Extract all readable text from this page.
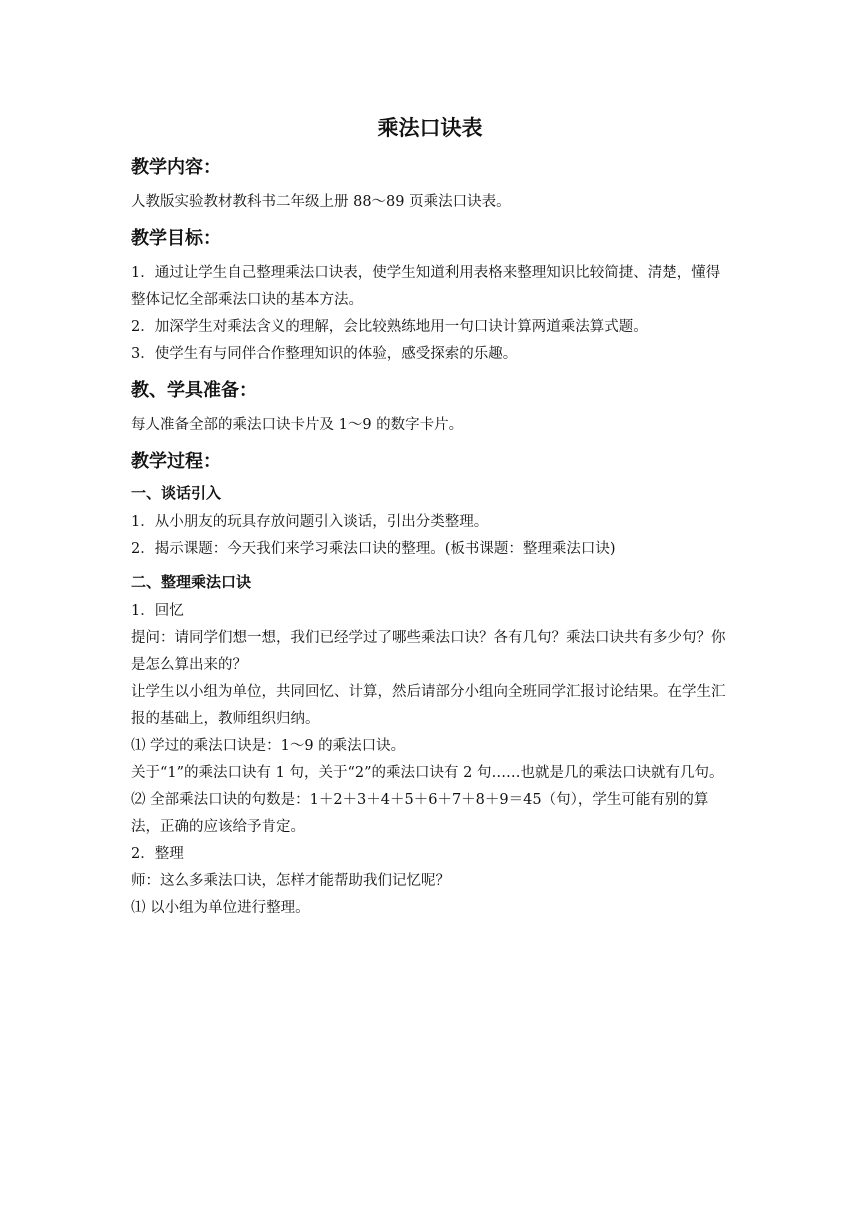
乘法口诀表
教学内容：

人教版实验教材教科书二年级上册 88～89 页乘法口诀表。

教学目标：

1．通过让学生自己整理乘法口诀表，使学生知道利用表格来整理知识比较简捷、清楚，懂得整体记忆全部乘法口诀的基本方法。

2．加深学生对乘法含义的理解，会比较熟练地用一句口诀计算两道乘法算式题。

3．使学生有与同伴合作整理知识的体验，感受探索的乐趣。

教、学具准备：

每人准备全部的乘法口诀卡片及 1～9 的数字卡片。

教学过程：
一、谈话引入

1．从小朋友的玩具存放问题引入谈话，引出分类整理。

2．揭示课题：今天我们来学习乘法口诀的整理。(板书课题：整理乘法口诀)

二、整理乘法口诀

1．回忆

提问：请同学们想一想，我们已经学过了哪些乘法口诀？各有几句？乘法口诀共有多少句？你是怎么算出来的？

让学生以小组为单位，共同回忆、计算，然后请部分小组向全班同学汇报讨论结果。在学生汇报的基础上，教师组织归纳。

⑴ 学过的乘法口诀是：1～9 的乘法口诀。

关于“1”的乘法口诀有 1 句，关于“2”的乘法口诀有 2 句……也就是几的乘法口诀就有几句。

⑵ 全部乘法口诀的句数是：1＋2＋3＋4＋5＋6＋7＋8＋9＝45（句），学生可能有别的算法，正确的应该给予肯定。

2．整理

师：这么多乘法口诀，怎样才能帮助我们记忆呢？

⑴ 以小组为单位进行整理。
